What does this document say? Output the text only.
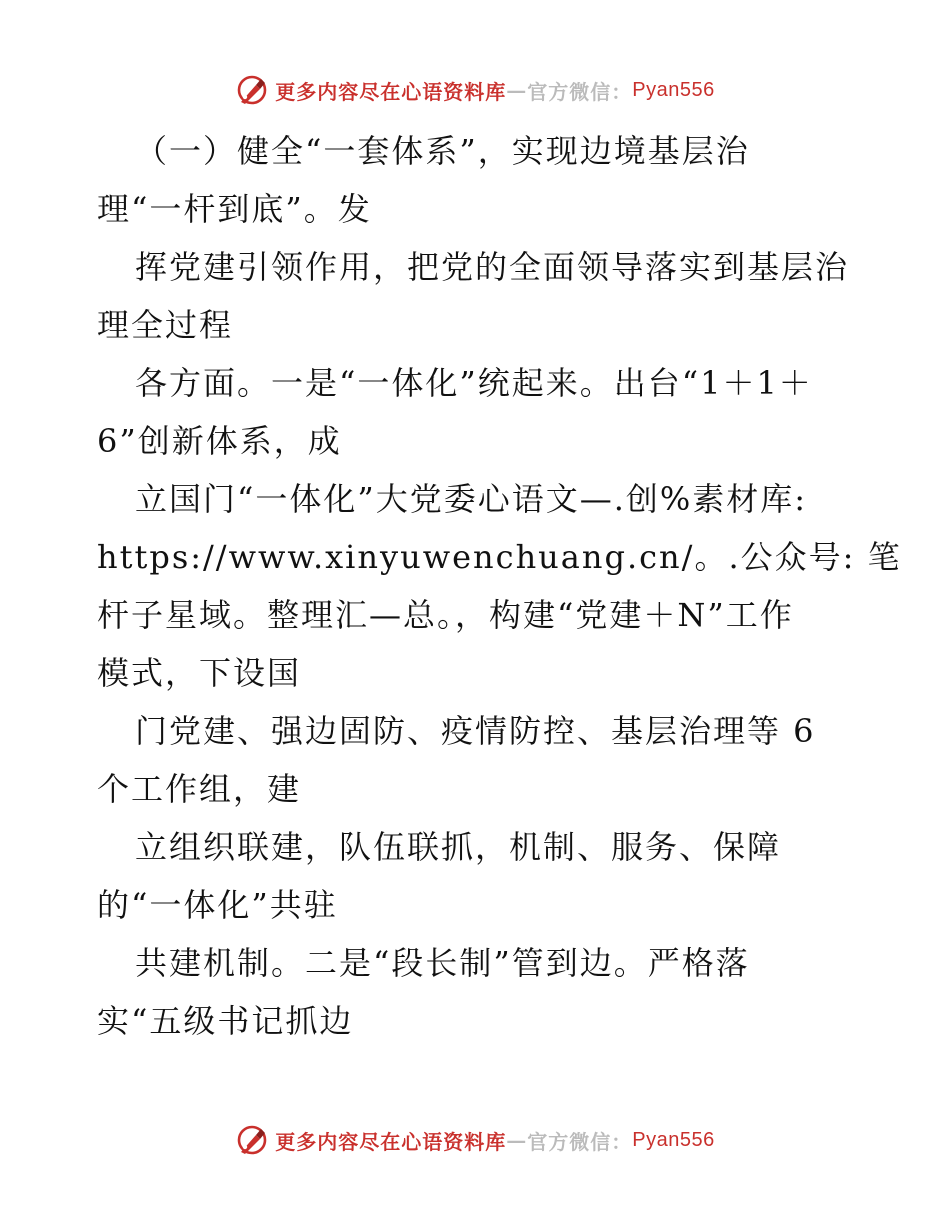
更多内容尽在心语资料库 — 官方微信： Pyan556
（一）健全“一套体系”，实现边境基层治
理“一杆到底”。发
挥党建引领作用，把党的全面领导落实到基层治
理全过程
各方面。一是“一体化”统起来。出台“1＋1＋
6”创新体系，成
立国门“一体化”大党委心语文—.创%素材库:
https://www.xinyuwenchuang.cn/。.公众号: 笔
杆子星域。整理汇—总。，构建“党建＋N”工作
模式，下设国
门党建、强边固防、疫情防控、基层治理等 6
个工作组，建
立组织联建，队伍联抓，机制、服务、保障
的“一体化”共驻
共建机制。二是“段长制”管到边。严格落
实“五级书记抓边
更多内容尽在心语资料库 — 官方微信： Pyan556
